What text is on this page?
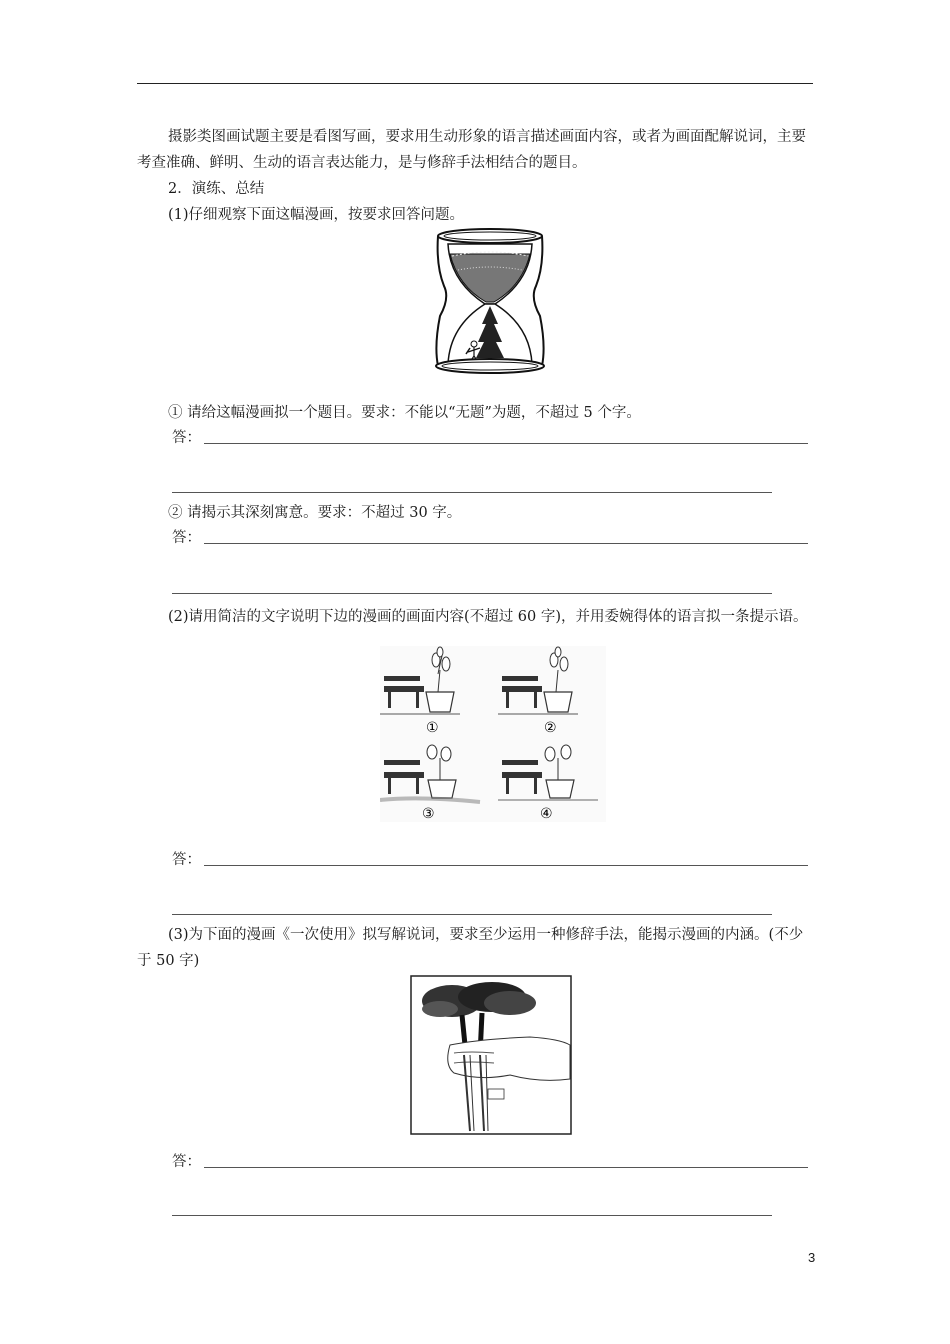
摄影类图画试题主要是看图写画，要求用生动形象的语言描述画面内容，或者为画面配解说词，主要考查准确、鲜明、生动的语言表达能力，是与修辞手法相结合的题目。

2．演练、总结

(1)仔细观察下面这幅漫画，按要求回答问题。

① 请给这幅漫画拟一个题目。要求：不能以“无题”为题，不超过 5 个字。

答：

② 请揭示其深刻寓意。要求：不超过 30 字。

答：

(2)请用简洁的文字说明下边的漫画的画面内容(不超过 60 字)，并用委婉得体的语言拟一条提示语。

①	②
③	④
答：

(3)为下面的漫画《一次使用》拟写解说词，要求至少运用一种修辞手法，能揭示漫画的内涵。(不少于 50 字)

答：
3
